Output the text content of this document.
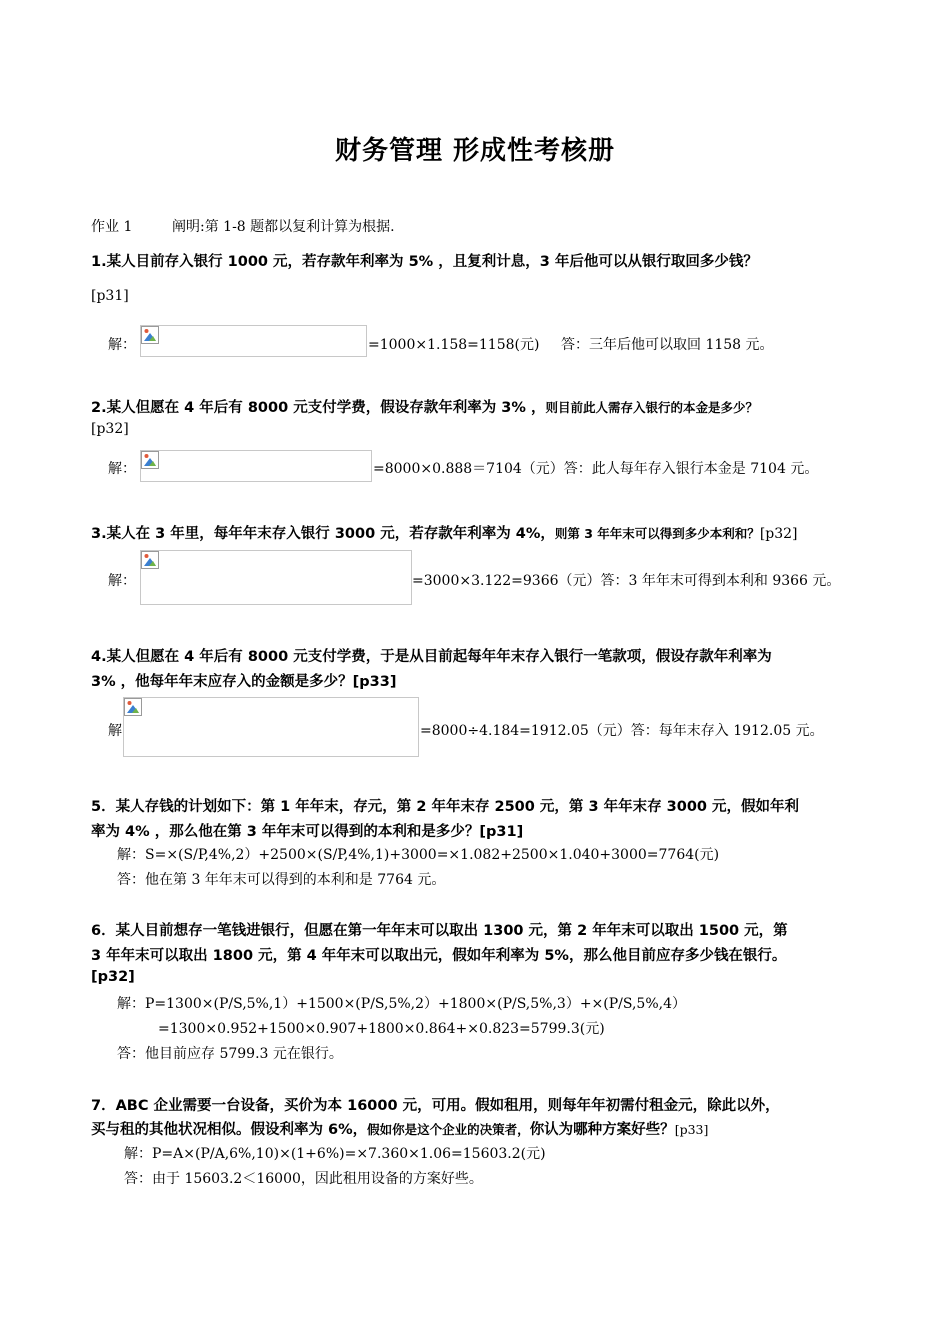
财务管理 形成性考核册
作业 1	阐明:第 1-8 题都以复利计算为根据.
1.某人目前存入银行 1000 元，若存款年利率为 5% ，且复利计息，3 年后他可以从银行取回多少钱？
[p31]
解：	=1000×1.158=1158(元) 答：三年后他可以取回 1158 元。
2.某人但愿在 4 年后有 8000 元支付学费，假设存款年利率为 3% ，则目前此人需存入银行的本金是多少？
[p32]
解：	=8000×0.888＝7104（元）答：此人每年存入银行本金是 7104 元。
3.某人在 3 年里，每年年末存入银行 3000 元，若存款年利率为 4%，则第 3 年年末可以得到多少本利和？[p32]
解：	=3000×3.122=9366（元）答：3 年年末可得到本利和 9366 元。
4.某人但愿在 4 年后有 8000 元支付学费，于是从目前起每年年末存入银行一笔款项，假设存款年利率为
3% ，他每年年末应存入的金额是多少？[p33]
解	=8000÷4.184=1912.05（元）答：每年末存入 1912.05 元。
5．某人存钱的计划如下：第 1 年年末，存元，第 2 年年末存 2500 元，第 3 年年末存 3000 元，假如年利
率为 4% ，那么他在第 3 年年末可以得到的本利和是多少？[p31]
解：S=×(S/P,4%,2）+2500×(S/P,4%,1)+3000=×1.082+2500×1.040+3000=7764(元)
答：他在第 3 年年末可以得到的本利和是 7764 元。
6．某人目前想存一笔钱进银行，但愿在第一年年末可以取出 1300 元，第 2 年年末可以取出 1500 元，第
3 年年末可以取出 1800 元，第 4 年年末可以取出元，假如年利率为 5%，那么他目前应存多少钱在银行。
[p32]
解：P=1300×(P/S,5%,1）+1500×(P/S,5%,2）+1800×(P/S,5%,3）+×(P/S,5%,4）
=1300×0.952+1500×0.907+1800×0.864+×0.823=5799.3(元)
答：他目前应存 5799.3 元在银行。
7．ABC 企业需要一台设备，买价为本 16000 元，可用。假如租用，则每年年初需付租金元，除此以外，
买与租的其他状况相似。假设利率为 6%，假如你是这个企业的决策者，你认为哪种方案好些？[p33]
解：P=A×(P/A,6%,10)×(1+6%)=×7.360×1.06=15603.2(元)
答：由于 15603.2＜16000，因此租用设备的方案好些。
